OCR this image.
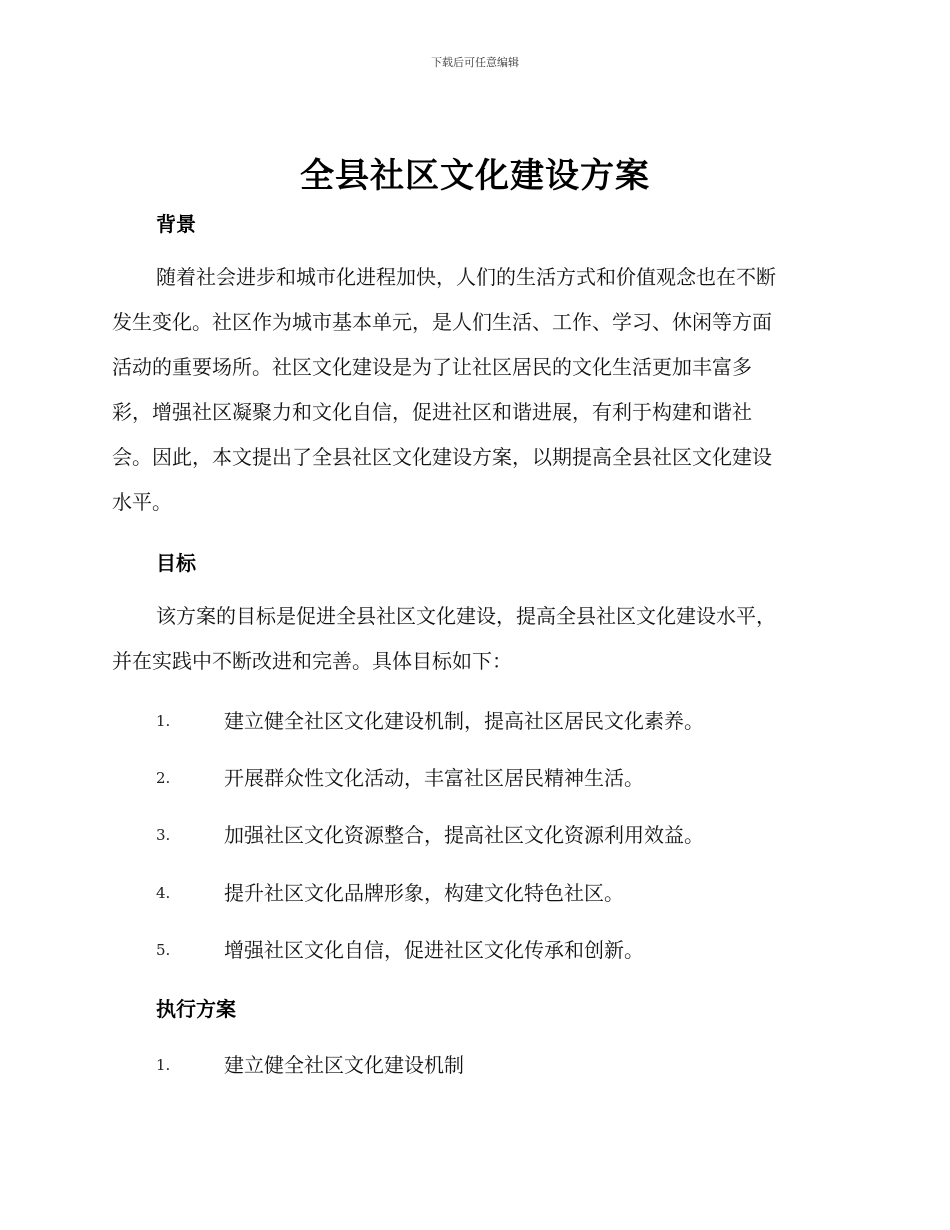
下载后可任意编辑
全县社区文化建设方案
背景
随着社会进步和城市化进程加快，人们的生活方式和价值观念也在不断
发生变化。社区作为城市基本单元，是人们生活、工作、学习、休闲等方面
活动的重要场所。社区文化建设是为了让社区居民的文化生活更加丰富多
彩，增强社区凝聚力和文化自信，促进社区和谐进展，有利于构建和谐社
会。因此，本文提出了全县社区文化建设方案，以期提高全县社区文化建设
水平。
目标
该方案的目标是促进全县社区文化建设，提高全县社区文化建设水平，
并在实践中不断改进和完善。具体目标如下：
1.	建立健全社区文化建设机制，提高社区居民文化素养。
2.	开展群众性文化活动，丰富社区居民精神生活。
3.	加强社区文化资源整合，提高社区文化资源利用效益。
4.	提升社区文化品牌形象，构建文化特色社区。
5.	增强社区文化自信，促进社区文化传承和创新。
执行方案
1.	建立健全社区文化建设机制
